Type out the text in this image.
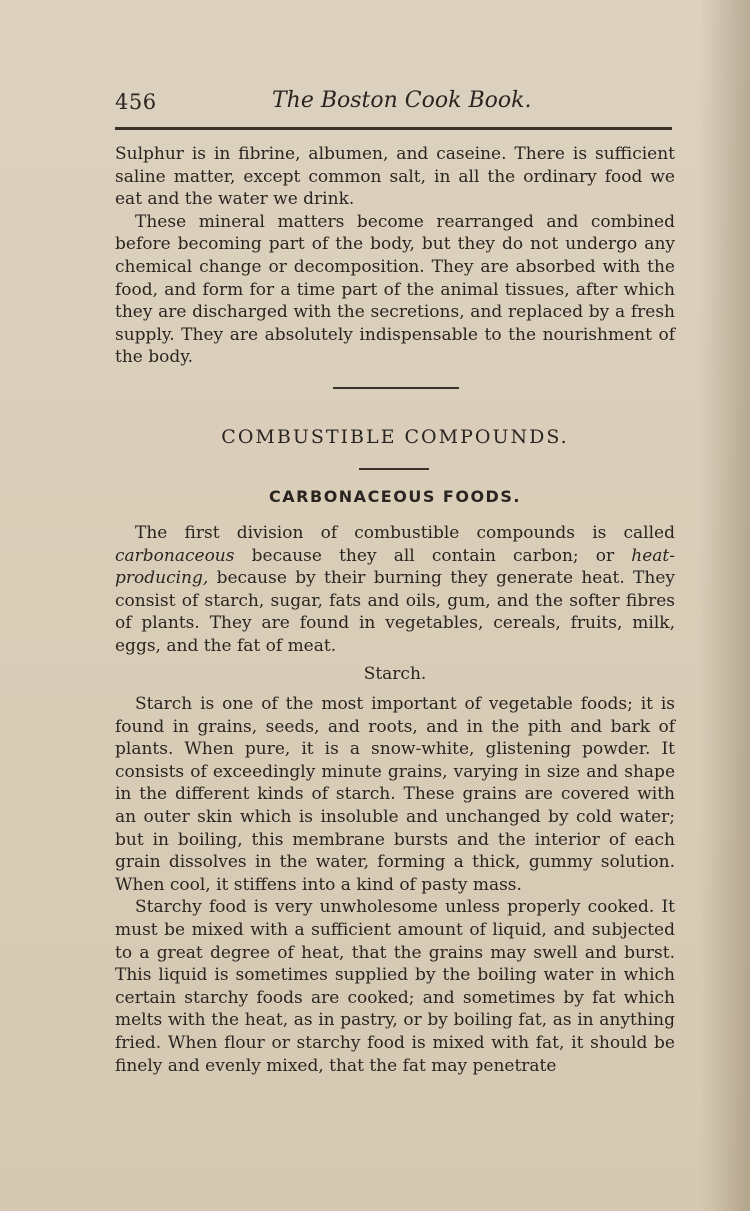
456	The Boston Cook Book.

Sulphur is in fibrine, albumen, and caseine. There is sufficient saline matter, except common salt, in all the ordinary food we eat and the water we drink.

These mineral matters become rearranged and combined before becoming part of the body, but they do not undergo any chemical change or decomposition. They are absorbed with the food, and form for a time part of the animal tissues, after which they are discharged with the secretions, and replaced by a fresh supply. They are absolutely indispensable to the nourishment of the body.

COMBUSTIBLE COMPOUNDS.
CARBONACEOUS FOODS.

The first division of combustible compounds is called carbonaceous because they all contain carbon; or heat-producing, because by their burning they generate heat. They consist of starch, sugar, fats and oils, gum, and the softer fibres of plants. They are found in vegetables, cereals, fruits, milk, eggs, and the fat of meat.

Starch.

Starch is one of the most important of vegetable foods; it is found in grains, seeds, and roots, and in the pith and bark of plants. When pure, it is a snow-white, glistening powder. It consists of exceedingly minute grains, varying in size and shape in the different kinds of starch. These grains are covered with an outer skin which is insoluble and unchanged by cold water; but in boiling, this membrane bursts and the interior of each grain dissolves in the water, forming a thick, gummy solution. When cool, it stiffens into a kind of pasty mass.

Starchy food is very unwholesome unless properly cooked. It must be mixed with a sufficient amount of liquid, and subjected to a great degree of heat, that the grains may swell and burst. This liquid is sometimes supplied by the boiling water in which certain starchy foods are cooked; and sometimes by fat which melts with the heat, as in pastry, or by boiling fat, as in anything fried. When flour or starchy food is mixed with fat, it should be finely and evenly mixed, that the fat may penetrate
